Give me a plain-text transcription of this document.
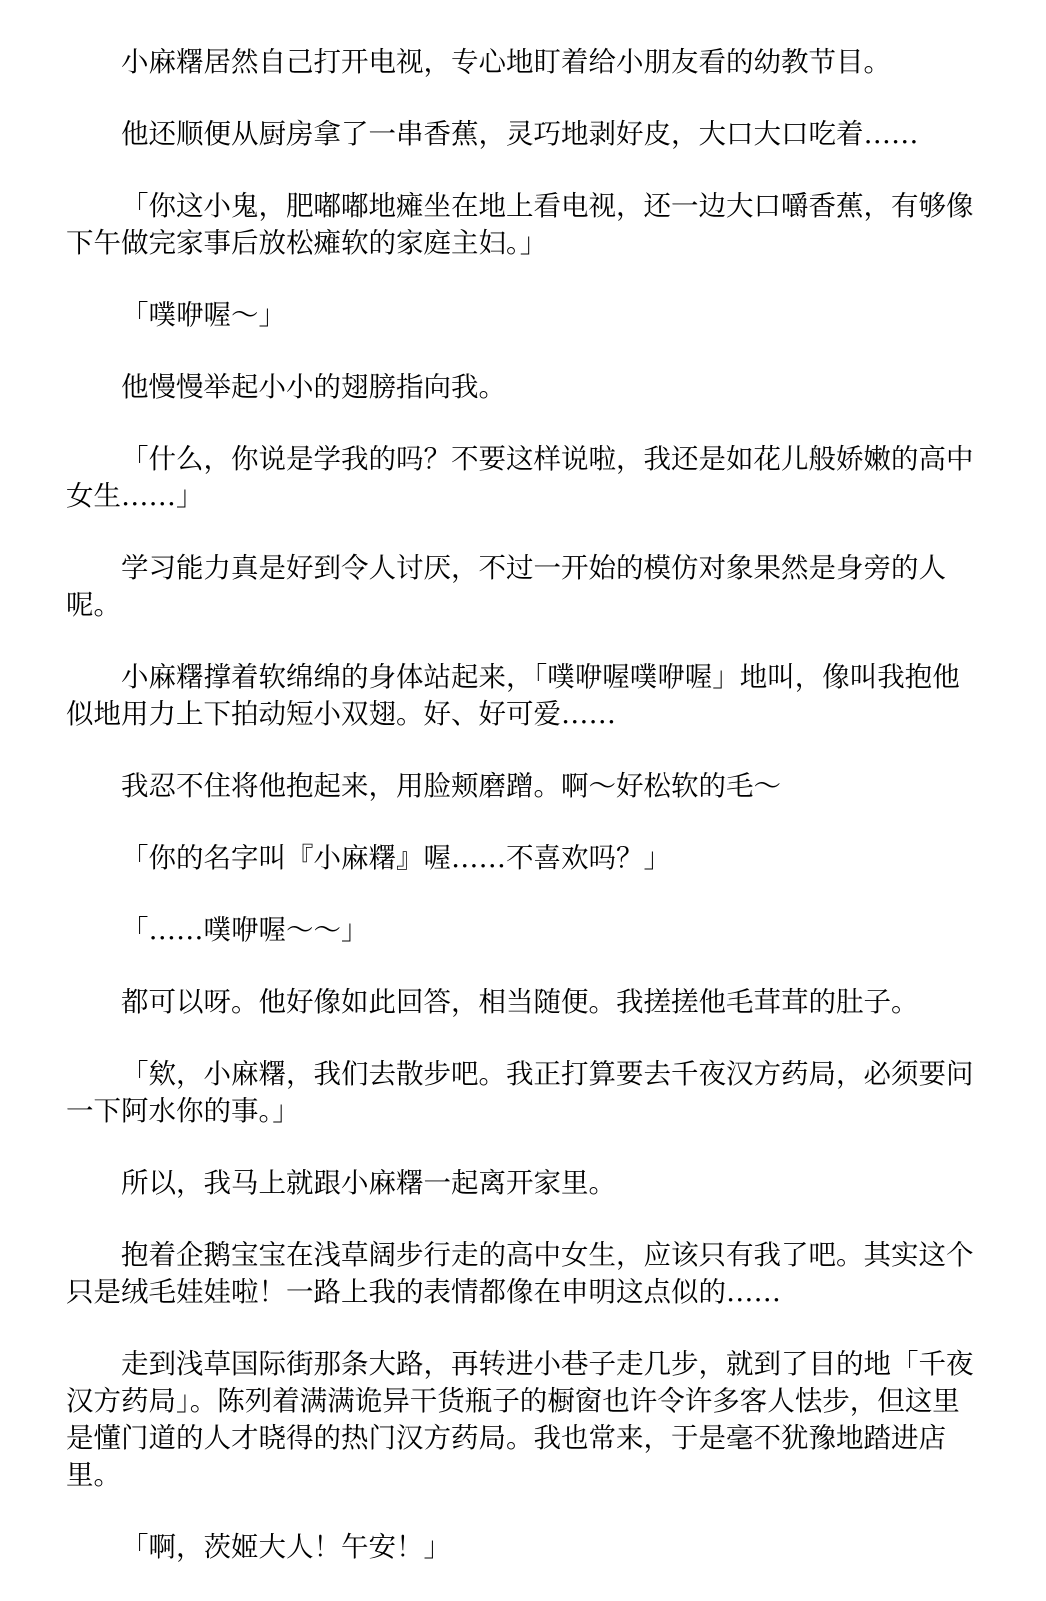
小麻糬居然自己打开电视，专心地盯着给小朋友看的幼教节目。

他还顺便从厨房拿了一串香蕉，灵巧地剥好皮，大口大口吃着……

「你这小鬼，肥嘟嘟地瘫坐在地上看电视，还一边大口嚼香蕉，有够像下午做完家事后放松瘫软的家庭主妇。」

「噗咿喔～」

他慢慢举起小小的翅膀指向我。

「什么，你说是学我的吗？不要这样说啦，我还是如花儿般娇嫩的高中女生……」

学习能力真是好到令人讨厌，不过一开始的模仿对象果然是身旁的人呢。

小麻糬撑着软绵绵的身体站起来，「噗咿喔噗咿喔」地叫，像叫我抱他似地用力上下拍动短小双翅。好、好可爱……

我忍不住将他抱起来，用脸颊磨蹭。啊～好松软的毛～

「你的名字叫『小麻糬』喔……不喜欢吗？」

「……噗咿喔～～」

都可以呀。他好像如此回答，相当随便。我搓搓他毛茸茸的肚子。

「欸，小麻糬，我们去散步吧。我正打算要去千夜汉方药局，必须要问一下阿水你的事。」

所以，我马上就跟小麻糬一起离开家里。

抱着企鹅宝宝在浅草阔步行走的高中女生，应该只有我了吧。其实这个只是绒毛娃娃啦！一路上我的表情都像在申明这点似的……

走到浅草国际街那条大路，再转进小巷子走几步，就到了目的地「千夜汉方药局」。陈列着满满诡异干货瓶子的橱窗也许令许多客人怯步，但这里是懂门道的人才晓得的热门汉方药局。我也常来，于是毫不犹豫地踏进店里。

「啊，茨姬大人！午安！」
